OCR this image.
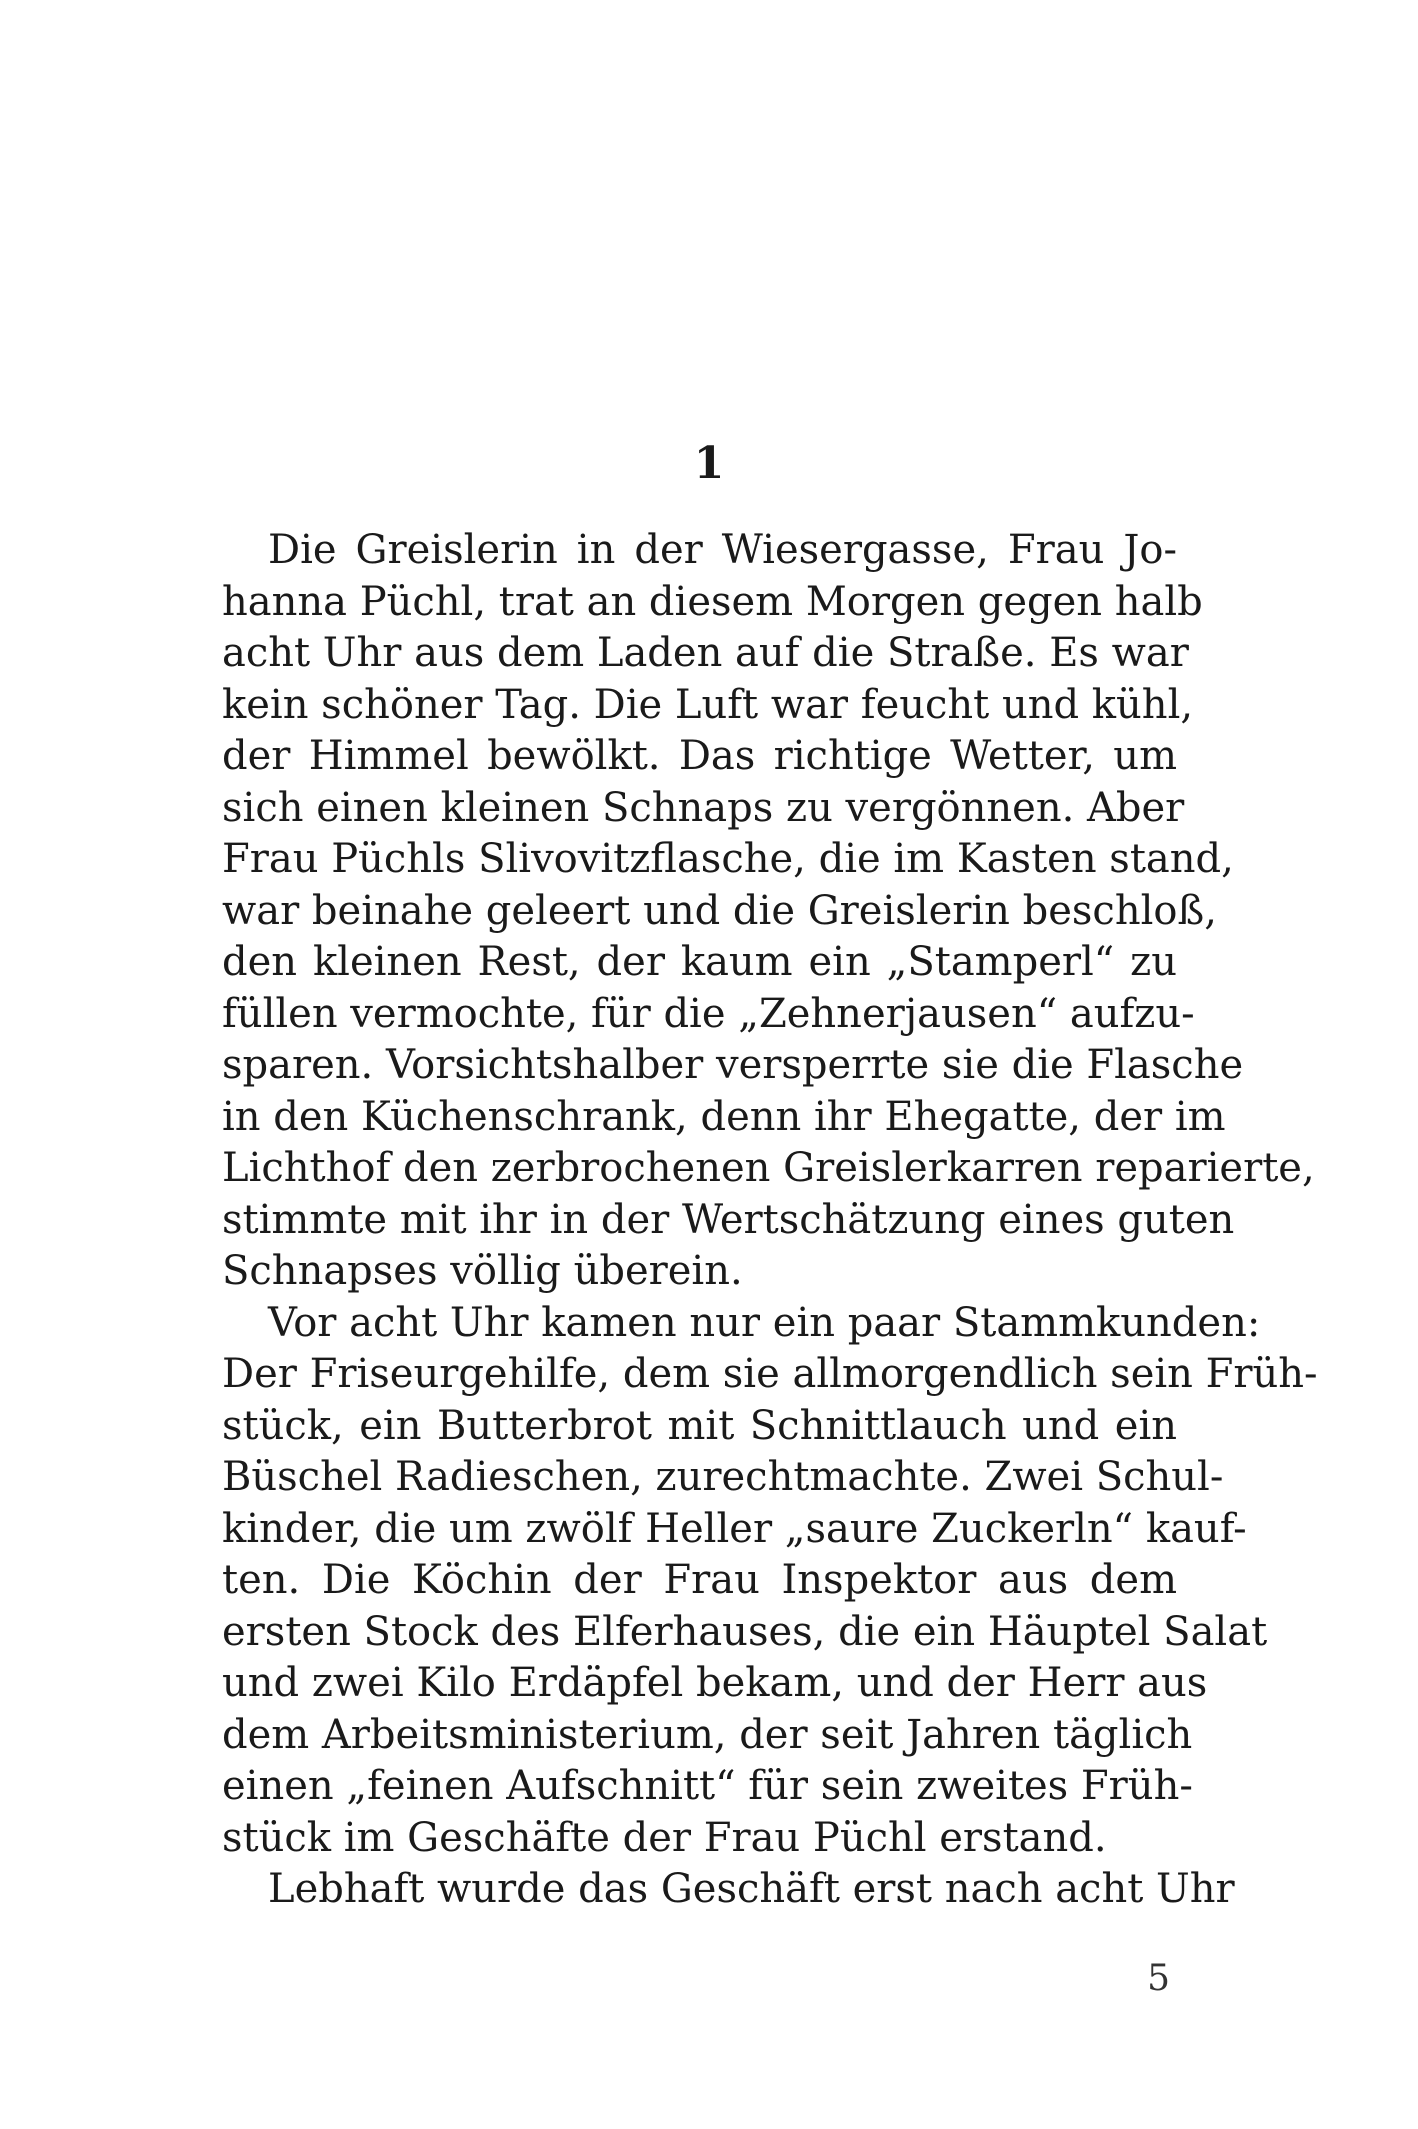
1
Die Greislerin in der Wiesergasse, Frau Jo-
hanna Püchl, trat an diesem Morgen gegen halb
acht Uhr aus dem Laden auf die Straße. Es war
kein schöner Tag. Die Luft war feucht und kühl,
der Himmel bewölkt. Das richtige Wetter, um
sich einen kleinen Schnaps zu vergönnen. Aber
Frau Püchls Slivovitzflasche, die im Kasten stand,
war beinahe geleert und die Greislerin beschloß,
den kleinen Rest, der kaum ein „Stamperl“ zu
füllen vermochte, für die „Zehnerjausen“ aufzu-
sparen. Vorsichtshalber versperrte sie die Flasche
in den Küchenschrank, denn ihr Ehegatte, der im
Lichthof den zerbrochenen Greislerkarren reparierte,
stimmte mit ihr in der Wertschätzung eines guten
Schnapses völlig überein.
Vor acht Uhr kamen nur ein paar Stammkunden:
Der Friseurgehilfe, dem sie allmorgendlich sein Früh-
stück, ein Butterbrot mit Schnittlauch und ein
Büschel Radieschen, zurechtmachte. Zwei Schul-
kinder, die um zwölf Heller „saure Zuckerln“ kauf-
ten. Die Köchin der Frau Inspektor aus dem
ersten Stock des Elferhauses, die ein Häuptel Salat
und zwei Kilo Erdäpfel bekam, und der Herr aus
dem Arbeitsministerium, der seit Jahren täglich
einen „feinen Aufschnitt“ für sein zweites Früh-
stück im Geschäfte der Frau Püchl erstand.
Lebhaft wurde das Geschäft erst nach acht Uhr
5
